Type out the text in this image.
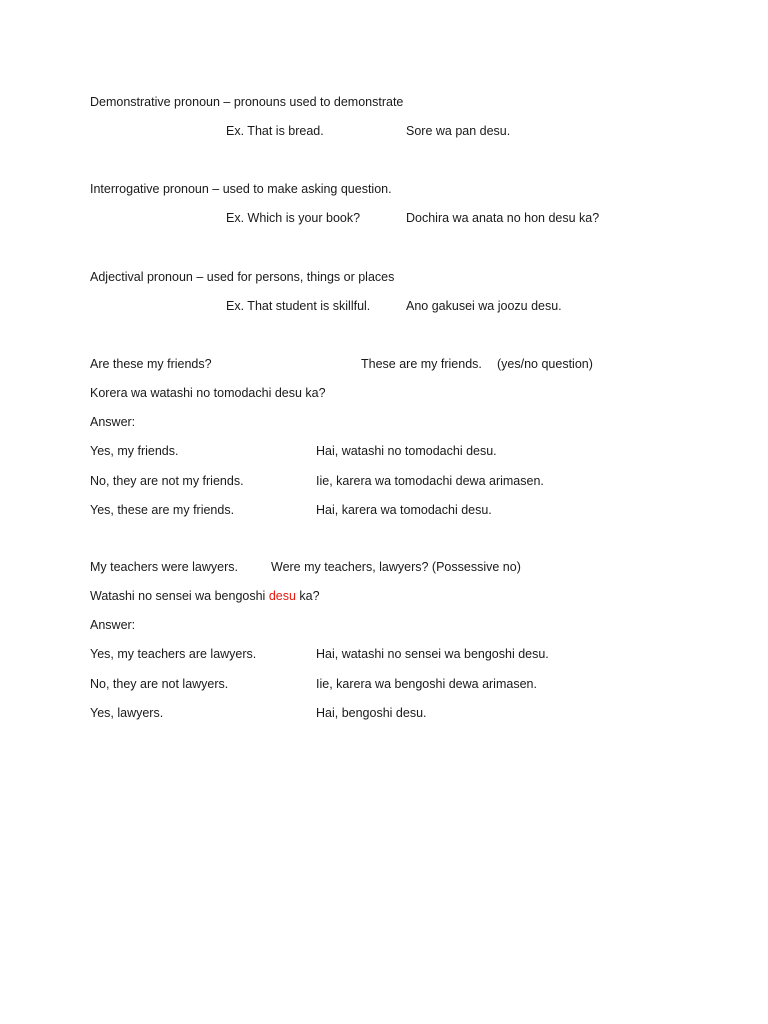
Demonstrative pronoun – pronouns used to demonstrate
Ex. That is bread.	Sore wa pan desu.
Interrogative pronoun – used to make asking question.
Ex. Which is your book?	Dochira wa anata no hon desu ka?
Adjectival pronoun – used for persons, things or places
Ex. That student is skillful.	Ano gakusei wa joozu desu.
Are these my friends?	These are my friends. (yes/no question)
Korera wa watashi no tomodachi desu ka?
Answer:
Yes, my friends.	Hai, watashi no tomodachi desu.
No, they are not my friends.	Iie, karera wa tomodachi dewa arimasen.
Yes, these are my friends.	Hai, karera wa tomodachi desu.
My teachers were lawyers.	Were my teachers, lawyers? (Possessive no)
Watashi no sensei wa bengoshi desu ka?
Answer:
Yes, my teachers are lawyers.	Hai, watashi no sensei wa bengoshi desu.
No, they are not lawyers.	Iie, karera wa bengoshi dewa arimasen.
Yes, lawyers.	Hai, bengoshi desu.
